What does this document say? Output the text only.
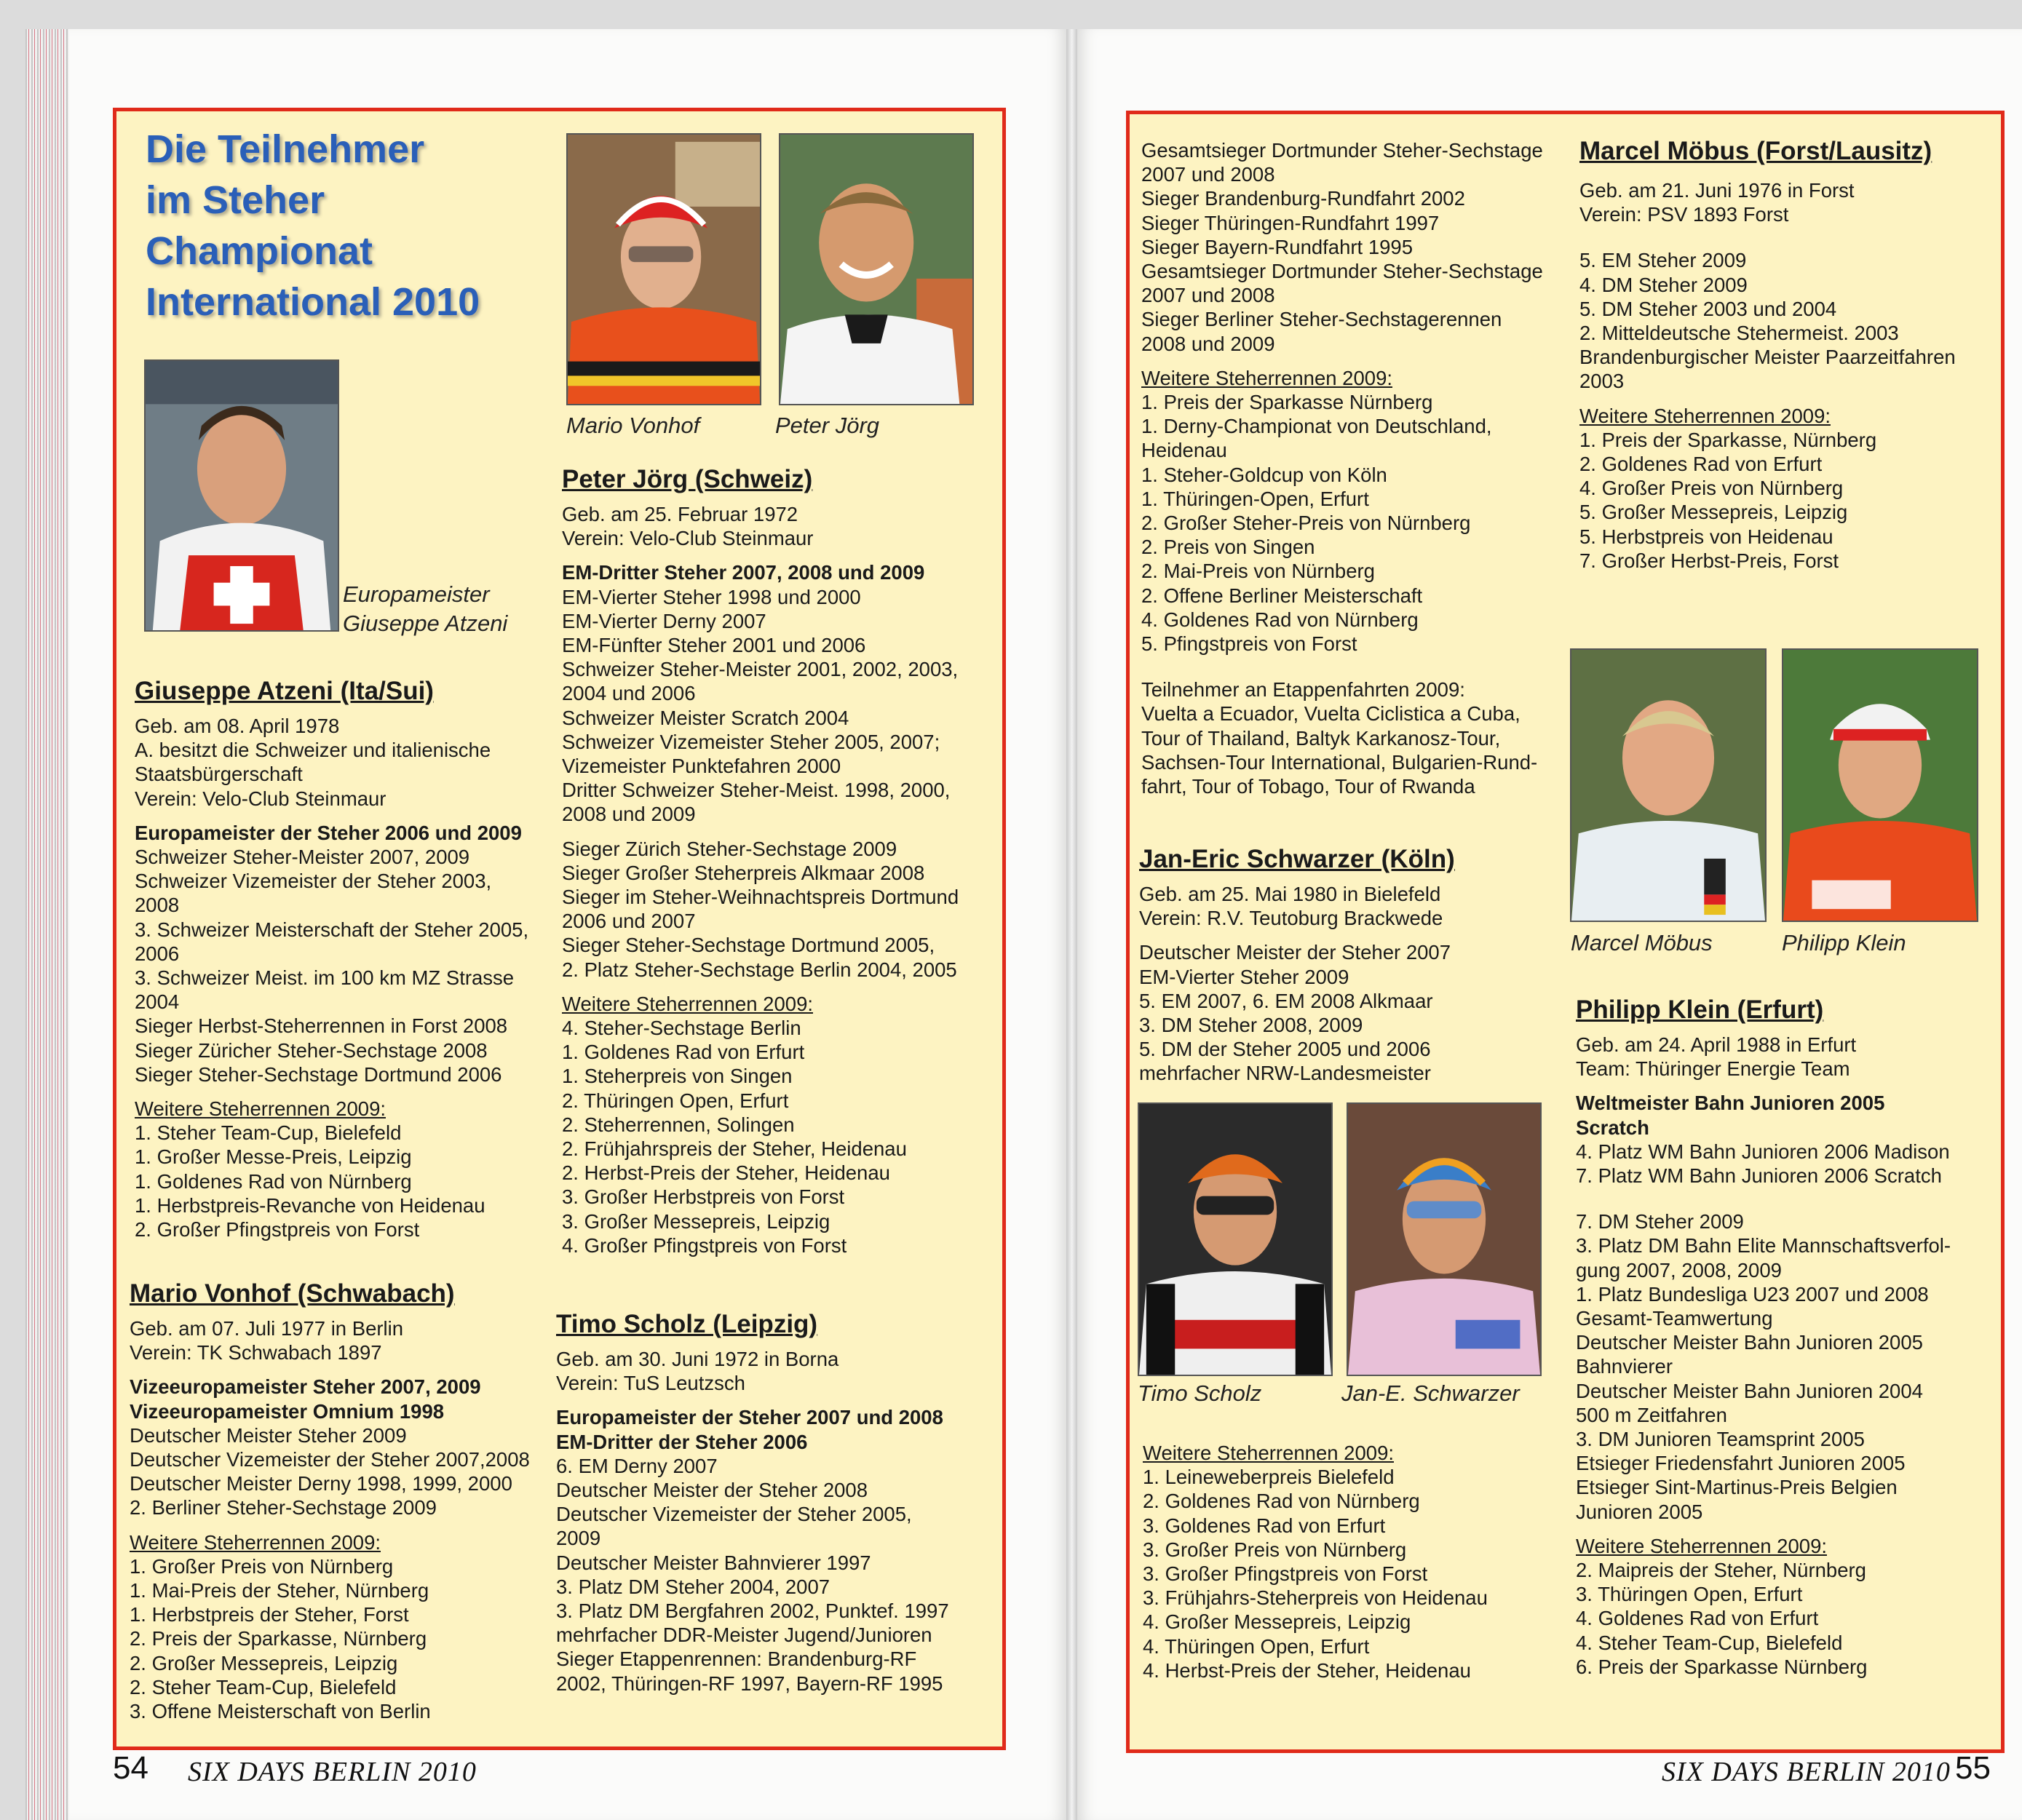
Die Teilnehmer
im Steher
Championat
International 2010
Europameister
Giuseppe Atzeni
Mario Vonhof	Peter Jörg
Giuseppe Atzeni (Ita/Sui)
Geb. am 08. April 1978
A. besitzt die Schweizer und italienische
Staatsbürgerschaft
Verein: Velo-Club Steinmaur
Europameister der Steher 2006 und 2009
Schweizer Steher-Meister 2007, 2009
Schweizer Vizemeister der Steher 2003,
2008
3. Schweizer Meisterschaft der Steher 2005,
2006
3. Schweizer Meist. im 100 km MZ Strasse
2004
Sieger Herbst-Steherrennen in Forst 2008
Sieger Züricher Steher-Sechstage 2008
Sieger Steher-Sechstage Dortmund 2006
Weitere Steherrennen 2009:
1. Steher Team-Cup, Bielefeld
1. Großer Messe-Preis, Leipzig
1. Goldenes Rad von Nürnberg
1. Herbstpreis-Revanche von Heidenau
2. Großer Pfingstpreis von Forst
Mario Vonhof (Schwabach)
Geb. am 07. Juli 1977 in Berlin
Verein: TK Schwabach 1897
Vizeeuropameister Steher 2007, 2009
Vizeeuropameister Omnium 1998
Deutscher Meister Steher 2009
Deutscher Vizemeister der Steher 2007,2008
Deutscher Meister Derny 1998, 1999, 2000
2. Berliner Steher-Sechstage 2009
Weitere Steherrennen 2009:
1. Großer Preis von Nürnberg
1. Mai-Preis der Steher, Nürnberg
1. Herbstpreis der Steher, Forst
2. Preis der Sparkasse, Nürnberg
2. Großer Messepreis, Leipzig
2. Steher Team-Cup, Bielefeld
3. Offene Meisterschaft von Berlin
Peter Jörg (Schweiz)
Geb. am 25. Februar 1972
Verein: Velo-Club Steinmaur
EM-Dritter Steher 2007, 2008 und 2009
EM-Vierter Steher 1998 und 2000
EM-Vierter Derny 2007
EM-Fünfter Steher 2001 und 2006
Schweizer Steher-Meister 2001, 2002, 2003,
2004 und 2006
Schweizer Meister Scratch 2004
Schweizer Vizemeister Steher 2005, 2007;
Vizemeister Punktefahren 2000
Dritter Schweizer Steher-Meist. 1998, 2000,
2008 und 2009
Sieger Zürich Steher-Sechstage 2009
Sieger Großer Steherpreis Alkmaar 2008
Sieger im Steher-Weihnachtspreis Dortmund
2006 und 2007
Sieger Steher-Sechstage Dortmund 2005,
2. Platz Steher-Sechstage Berlin 2004, 2005
Weitere Steherrennen 2009:
4. Steher-Sechstage Berlin
1. Goldenes Rad von Erfurt
1. Steherpreis von Singen
2. Thüringen Open, Erfurt
2. Steherrennen, Solingen
2. Frühjahrspreis der Steher, Heidenau
2. Herbst-Preis der Steher, Heidenau
3. Großer Herbstpreis von Forst
3. Großer Messepreis, Leipzig
4. Großer Pfingstpreis von Forst
Timo Scholz (Leipzig)
Geb. am 30. Juni 1972 in Borna
Verein: TuS Leutzsch
Europameister der Steher 2007 und 2008
EM-Dritter der Steher 2006
6. EM Derny 2007
Deutscher Meister der Steher 2008
Deutscher Vizemeister der Steher 2005,
2009
Deutscher Meister Bahnvierer 1997
3. Platz DM Steher 2004, 2007
3. Platz DM Bergfahren 2002, Punktef. 1997
mehrfacher DDR-Meister Jugend/Junioren
Sieger Etappenrennen: Brandenburg-RF
2002, Thüringen-RF 1997, Bayern-RF 1995
54 SIX DAYS BERLIN 2010
Gesamtsieger Dortmunder Steher-Sechstage
2007 und 2008
Sieger Brandenburg-Rundfahrt 2002
Sieger Thüringen-Rundfahrt 1997
Sieger Bayern-Rundfahrt 1995
Gesamtsieger Dortmunder Steher-Sechstage
2007 und 2008
Sieger Berliner Steher-Sechstagerennen
2008 und 2009
Weitere Steherrennen 2009:
1. Preis der Sparkasse Nürnberg
1. Derny-Championat von Deutschland,
Heidenau
1. Steher-Goldcup von Köln
1. Thüringen-Open, Erfurt
2. Großer Steher-Preis von Nürnberg
2. Preis von Singen
2. Mai-Preis von Nürnberg
2. Offene Berliner Meisterschaft
4. Goldenes Rad von Nürnberg
5. Pfingstpreis von Forst
Teilnehmer an Etappenfahrten 2009:
Vuelta a Ecuador, Vuelta Ciclistica a Cuba,
Tour of Thailand, Baltyk Karkanosz-Tour,
Sachsen-Tour International, Bulgarien-Rund-
fahrt, Tour of Tobago, Tour of Rwanda
Jan-Eric Schwarzer (Köln)
Geb. am 25. Mai 1980 in Bielefeld
Verein: R.V. Teutoburg Brackwede
Deutscher Meister der Steher 2007
EM-Vierter Steher 2009
5. EM 2007, 6. EM 2008 Alkmaar
3. DM Steher 2008, 2009
5. DM der Steher 2005 und 2006
mehrfacher NRW-Landesmeister
Timo Scholz	Jan-E. Schwarzer
Weitere Steherrennen 2009:
1. Leineweberpreis Bielefeld
2. Goldenes Rad von Nürnberg
3. Goldenes Rad von Erfurt
3. Großer Preis von Nürnberg
3. Großer Pfingstpreis von Forst
3. Frühjahrs-Steherpreis von Heidenau
4. Großer Messepreis, Leipzig
4. Thüringen Open, Erfurt
4. Herbst-Preis der Steher, Heidenau
Marcel Möbus (Forst/Lausitz)
Geb. am 21. Juni 1976 in Forst
Verein: PSV 1893 Forst
5. EM Steher 2009
4. DM Steher 2009
5. DM Steher 2003 und 2004
2. Mitteldeutsche Stehermeist. 2003
Brandenburgischer Meister Paarzeitfahren
2003
Weitere Steherrennen 2009:
1. Preis der Sparkasse, Nürnberg
2. Goldenes Rad von Erfurt
4. Großer Preis von Nürnberg
5. Großer Messepreis, Leipzig
5. Herbstpreis von Heidenau
7. Großer Herbst-Preis, Forst
Marcel Möbus	Philipp Klein
Philipp Klein (Erfurt)
Geb. am 24. April 1988 in Erfurt
Team: Thüringer Energie Team
Weltmeister Bahn Junioren 2005
Scratch
4. Platz WM Bahn Junioren 2006 Madison
7. Platz WM Bahn Junioren 2006 Scratch
7. DM Steher 2009
3. Platz DM Bahn Elite Mannschaftsverfol-
gung 2007, 2008, 2009
1. Platz Bundesliga U23 2007 und 2008
Gesamt-Teamwertung
Deutscher Meister Bahn Junioren 2005
Bahnvierer
Deutscher Meister Bahn Junioren 2004
500 m Zeitfahren
3. DM Junioren Teamsprint 2005
Etsieger Friedensfahrt Junioren 2005
Etsieger Sint-Martinus-Preis Belgien
Junioren 2005
Weitere Steherrennen 2009:
2. Maipreis der Steher, Nürnberg
3. Thüringen Open, Erfurt
4. Goldenes Rad von Erfurt
4. Steher Team-Cup, Bielefeld
6. Preis der Sparkasse Nürnberg
SIX DAYS BERLIN 2010 55
